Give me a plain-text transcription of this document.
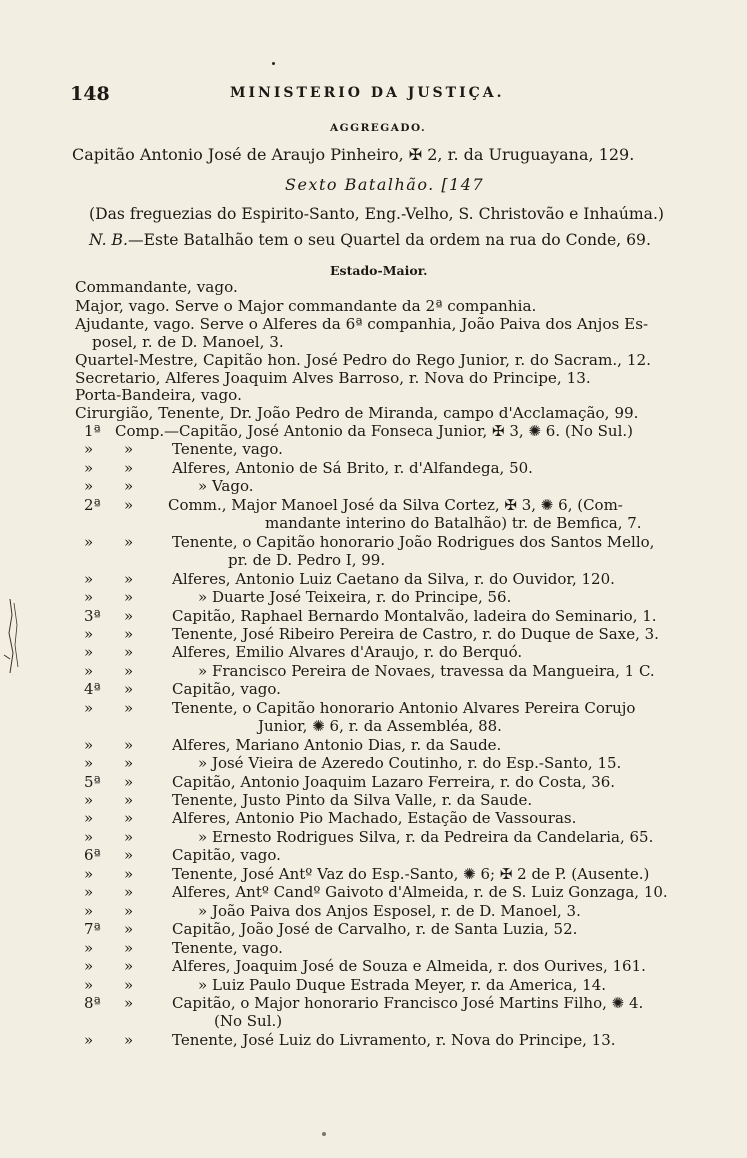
148	MINISTERIO DA JUSTIÇA.
AGGREGADO.
Capitão Antonio José de Araujo Pinheiro, ✠ 2, r. da Uruguayana, 129.
Sexto Batalhão. [147
(Das freguezias do Espirito-Santo, Eng.-Velho, S. Christovão e Inhaúma.)
N. B.—Este Batalhão tem o seu Quartel da ordem na rua do Conde, 69.
Estado-Maior.
Commandante, vago.
Major, vago. Serve o Major commandante da 2ª companhia.
Ajudante, vago. Serve o Alferes da 6ª companhia, João Paiva dos Anjos Es-
posel, r. de D. Manoel, 3.
Quartel-Mestre, Capitão hon. José Pedro do Rego Junior, r. do Sacram., 12.
Secretario, Alferes Joaquim Alves Barroso, r. Nova do Principe, 13.
Porta-Bandeira, vago.
Cirurgião, Tenente, Dr. João Pedro de Miranda, campo d'Acclamação, 99.
1ª Comp. —Capitão, José Antonio da Fonseca Junior, ✠ 3, ✺ 6. (No Sul.)
» »	Tenente, vago.
» »	Alferes, Antonio de Sá Brito, r. d'Alfandega, 50.
» »	» Vago.
2ª » Comm., Major Manoel José da Silva Cortez, ✠ 3, ✺ 6, (Com-
mandante interino do Batalhão) tr. de Bemfica, 7.
» »	Tenente, o Capitão honorario João Rodrigues dos Santos Mello,
pr. de D. Pedro I, 99.
» »	Alferes, Antonio Luiz Caetano da Silva, r. do Ouvidor, 120.
» »	» Duarte José Teixeira, r. do Principe, 56.
3ª »	Capitão, Raphael Bernardo Montalvão, ladeira do Seminario, 1.
» »	Tenente, José Ribeiro Pereira de Castro, r. do Duque de Saxe, 3.
» »	Alferes, Emilio Alvares d'Araujo, r. do Berquó.
» »	» Francisco Pereira de Novaes, travessa da Mangueira, 1 C.
4ª »	Capitão, vago.
» »	Tenente, o Capitão honorario Antonio Alvares Pereira Corujo
Junior, ✺ 6, r. da Assembléa, 88.
» »	Alferes, Mariano Antonio Dias, r. da Saude.
» »	» José Vieira de Azeredo Coutinho, r. do Esp.-Santo, 15.
5ª »	Capitão, Antonio Joaquim Lazaro Ferreira, r. do Costa, 36.
» »	Tenente, Justo Pinto da Silva Valle, r. da Saude.
» »	Alferes, Antonio Pio Machado, Estação de Vassouras.
» »	» Ernesto Rodrigues Silva, r. da Pedreira da Candelaria, 65.
6ª »	Capitão, vago.
» »	Tenente, José Antº Vaz do Esp.-Santo, ✺ 6; ✠ 2 de P. (Ausente.)
» »	Alferes, Antº Candº Gaivoto d'Almeida, r. de S. Luiz Gonzaga, 10.
» »	» João Paiva dos Anjos Esposel, r. de D. Manoel, 3.
7ª »	Capitão, João José de Carvalho, r. de Santa Luzia, 52.
» »	Tenente, vago.
» »	Alferes, Joaquim José de Souza e Almeida, r. dos Ourives, 161.
» »	» Luiz Paulo Duque Estrada Meyer, r. da America, 14.
8ª »	Capitão, o Major honorario Francisco José Martins Filho, ✺ 4.
(No Sul.)
» »	Tenente, José Luiz do Livramento, r. Nova do Principe, 13.
